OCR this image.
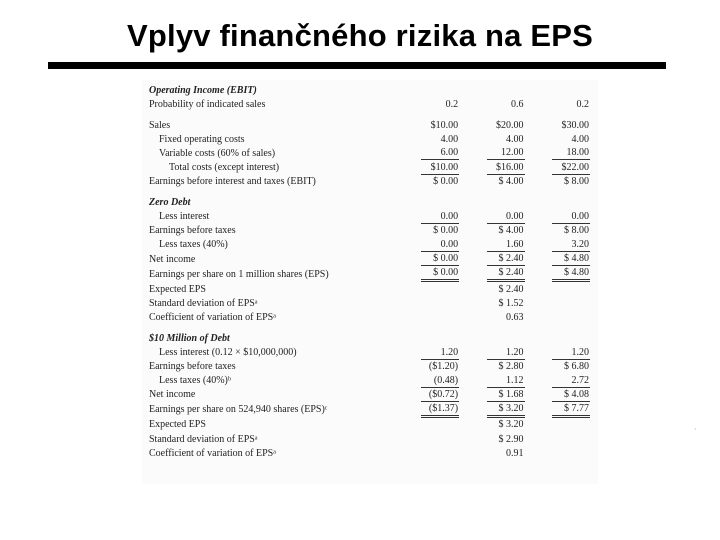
Vplyv finančného rizika na EPS
Operating Income (EBIT)			
Probability of indicated sales	0.2	0.6	0.2

Sales	$10.00	$20.00	$30.00
Fixed operating costs	4.00	4.00	4.00
Variable costs (60% of sales)	6.00	12.00	18.00
Total costs (except interest)	$10.00	$16.00	$22.00
Earnings before interest and taxes (EBIT)	$ 0.00	$ 4.00	$ 8.00

Zero Debt			
Less interest	0.00	0.00	0.00
Earnings before taxes	$ 0.00	$ 4.00	$ 8.00
Less taxes (40%)	0.00	1.60	3.20
Net income	$ 0.00	$ 2.40	$ 4.80
Earnings per share on 1 million shares (EPS)	$ 0.00	$ 2.40	$ 4.80
Expected EPS		$ 2.40	
Standard deviation of EPSᵃ		$ 1.52	
Coefficient of variation of EPSᵃ		0.63	

$10 Million of Debt			
Less interest (0.12 × $10,000,000)	1.20	1.20	1.20
Earnings before taxes	($1.20)	$ 2.80	$ 6.80
Less taxes (40%)ᵇ	(0.48)	1.12	2.72
Net income	($0.72)	$ 1.68	$ 4.08
Earnings per share on 524,940 shares (EPS)ᶜ	($1.37)	$ 3.20	$ 7.77
Expected EPS		$ 3.20	
Standard deviation of EPSᵃ		$ 2.90	
Coefficient of variation of EPSᵃ		0.91	
·
